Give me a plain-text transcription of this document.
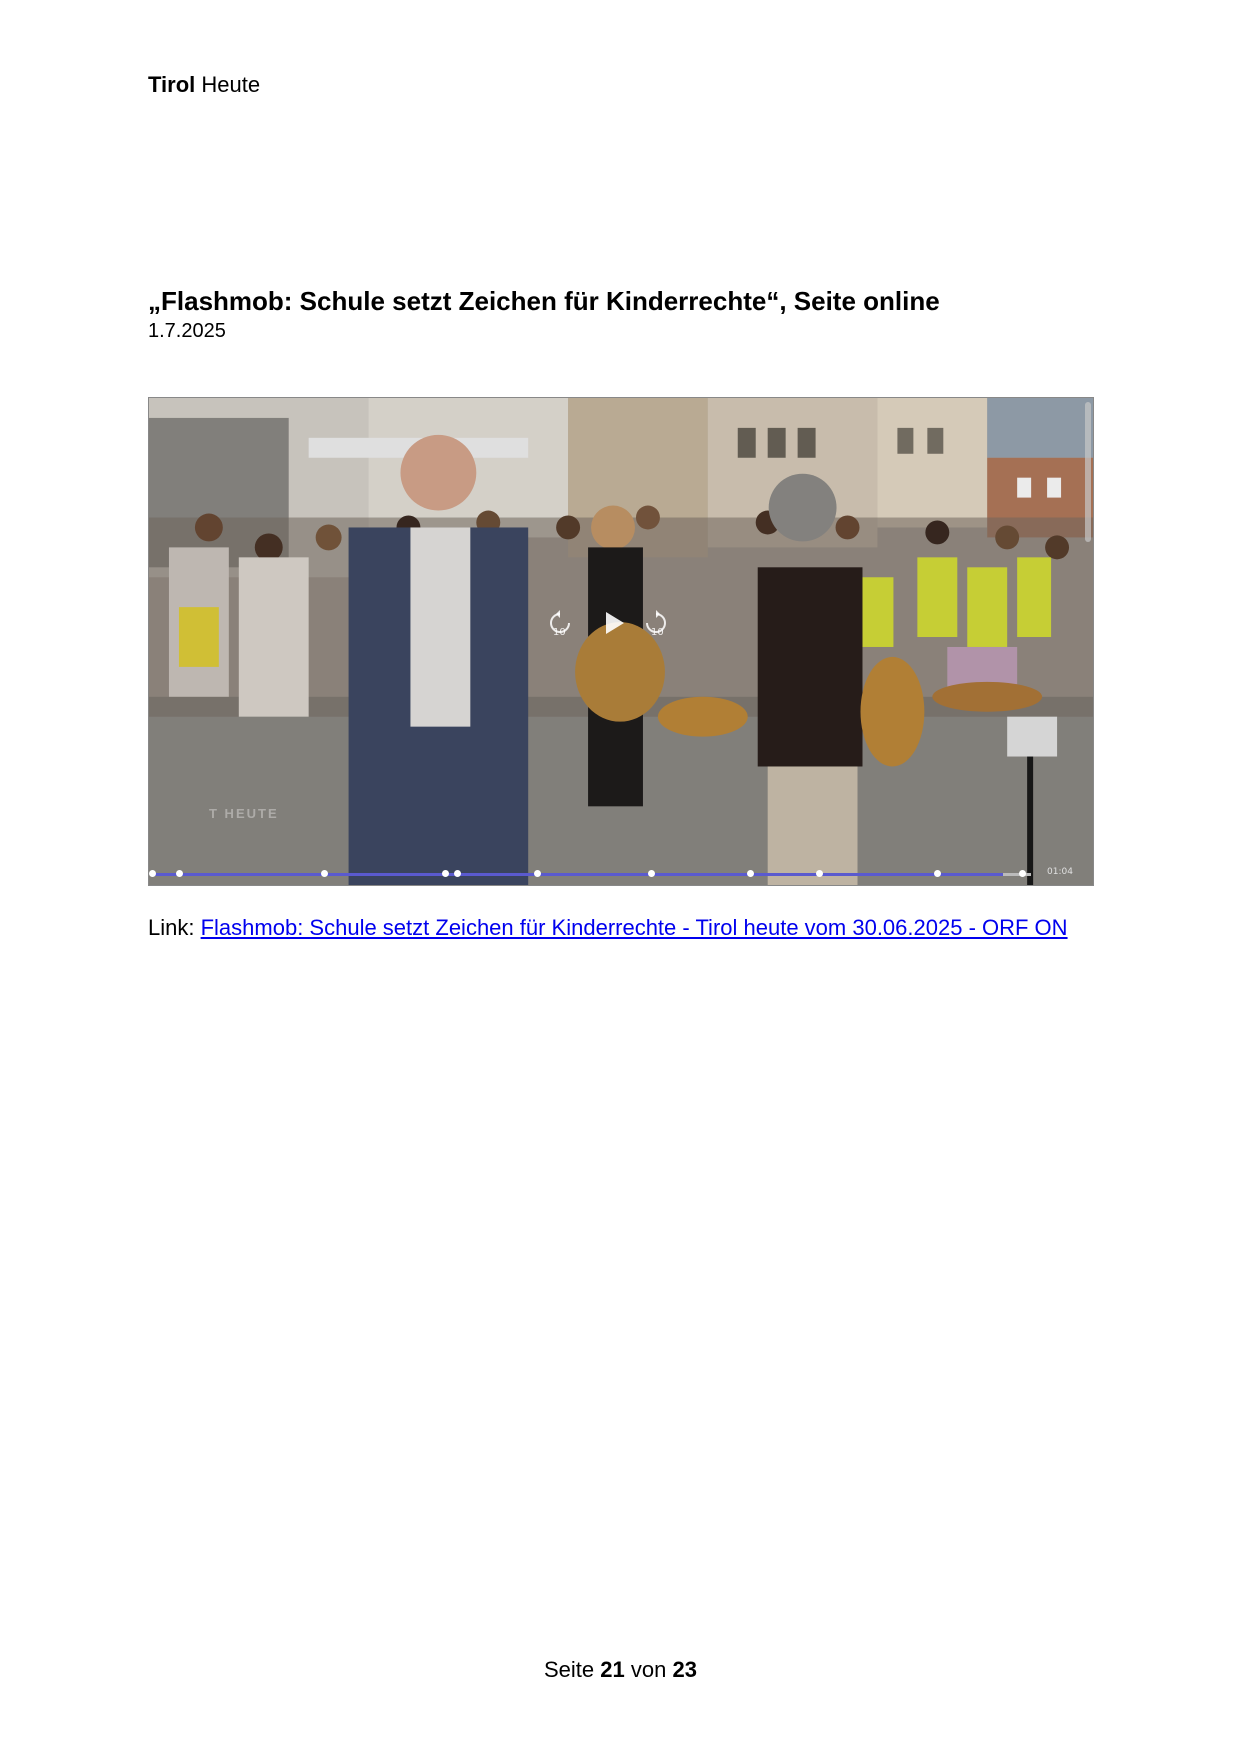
Tirol Heute
„Flashmob: Schule setzt Zeichen für Kinderrechte“, Seite online
1.7.2025
10	10
T HEUTE
01:04
Link: Flashmob: Schule setzt Zeichen für Kinderrechte - Tirol heute vom 30.06.2025 - ORF ON
Seite 21 von 23
